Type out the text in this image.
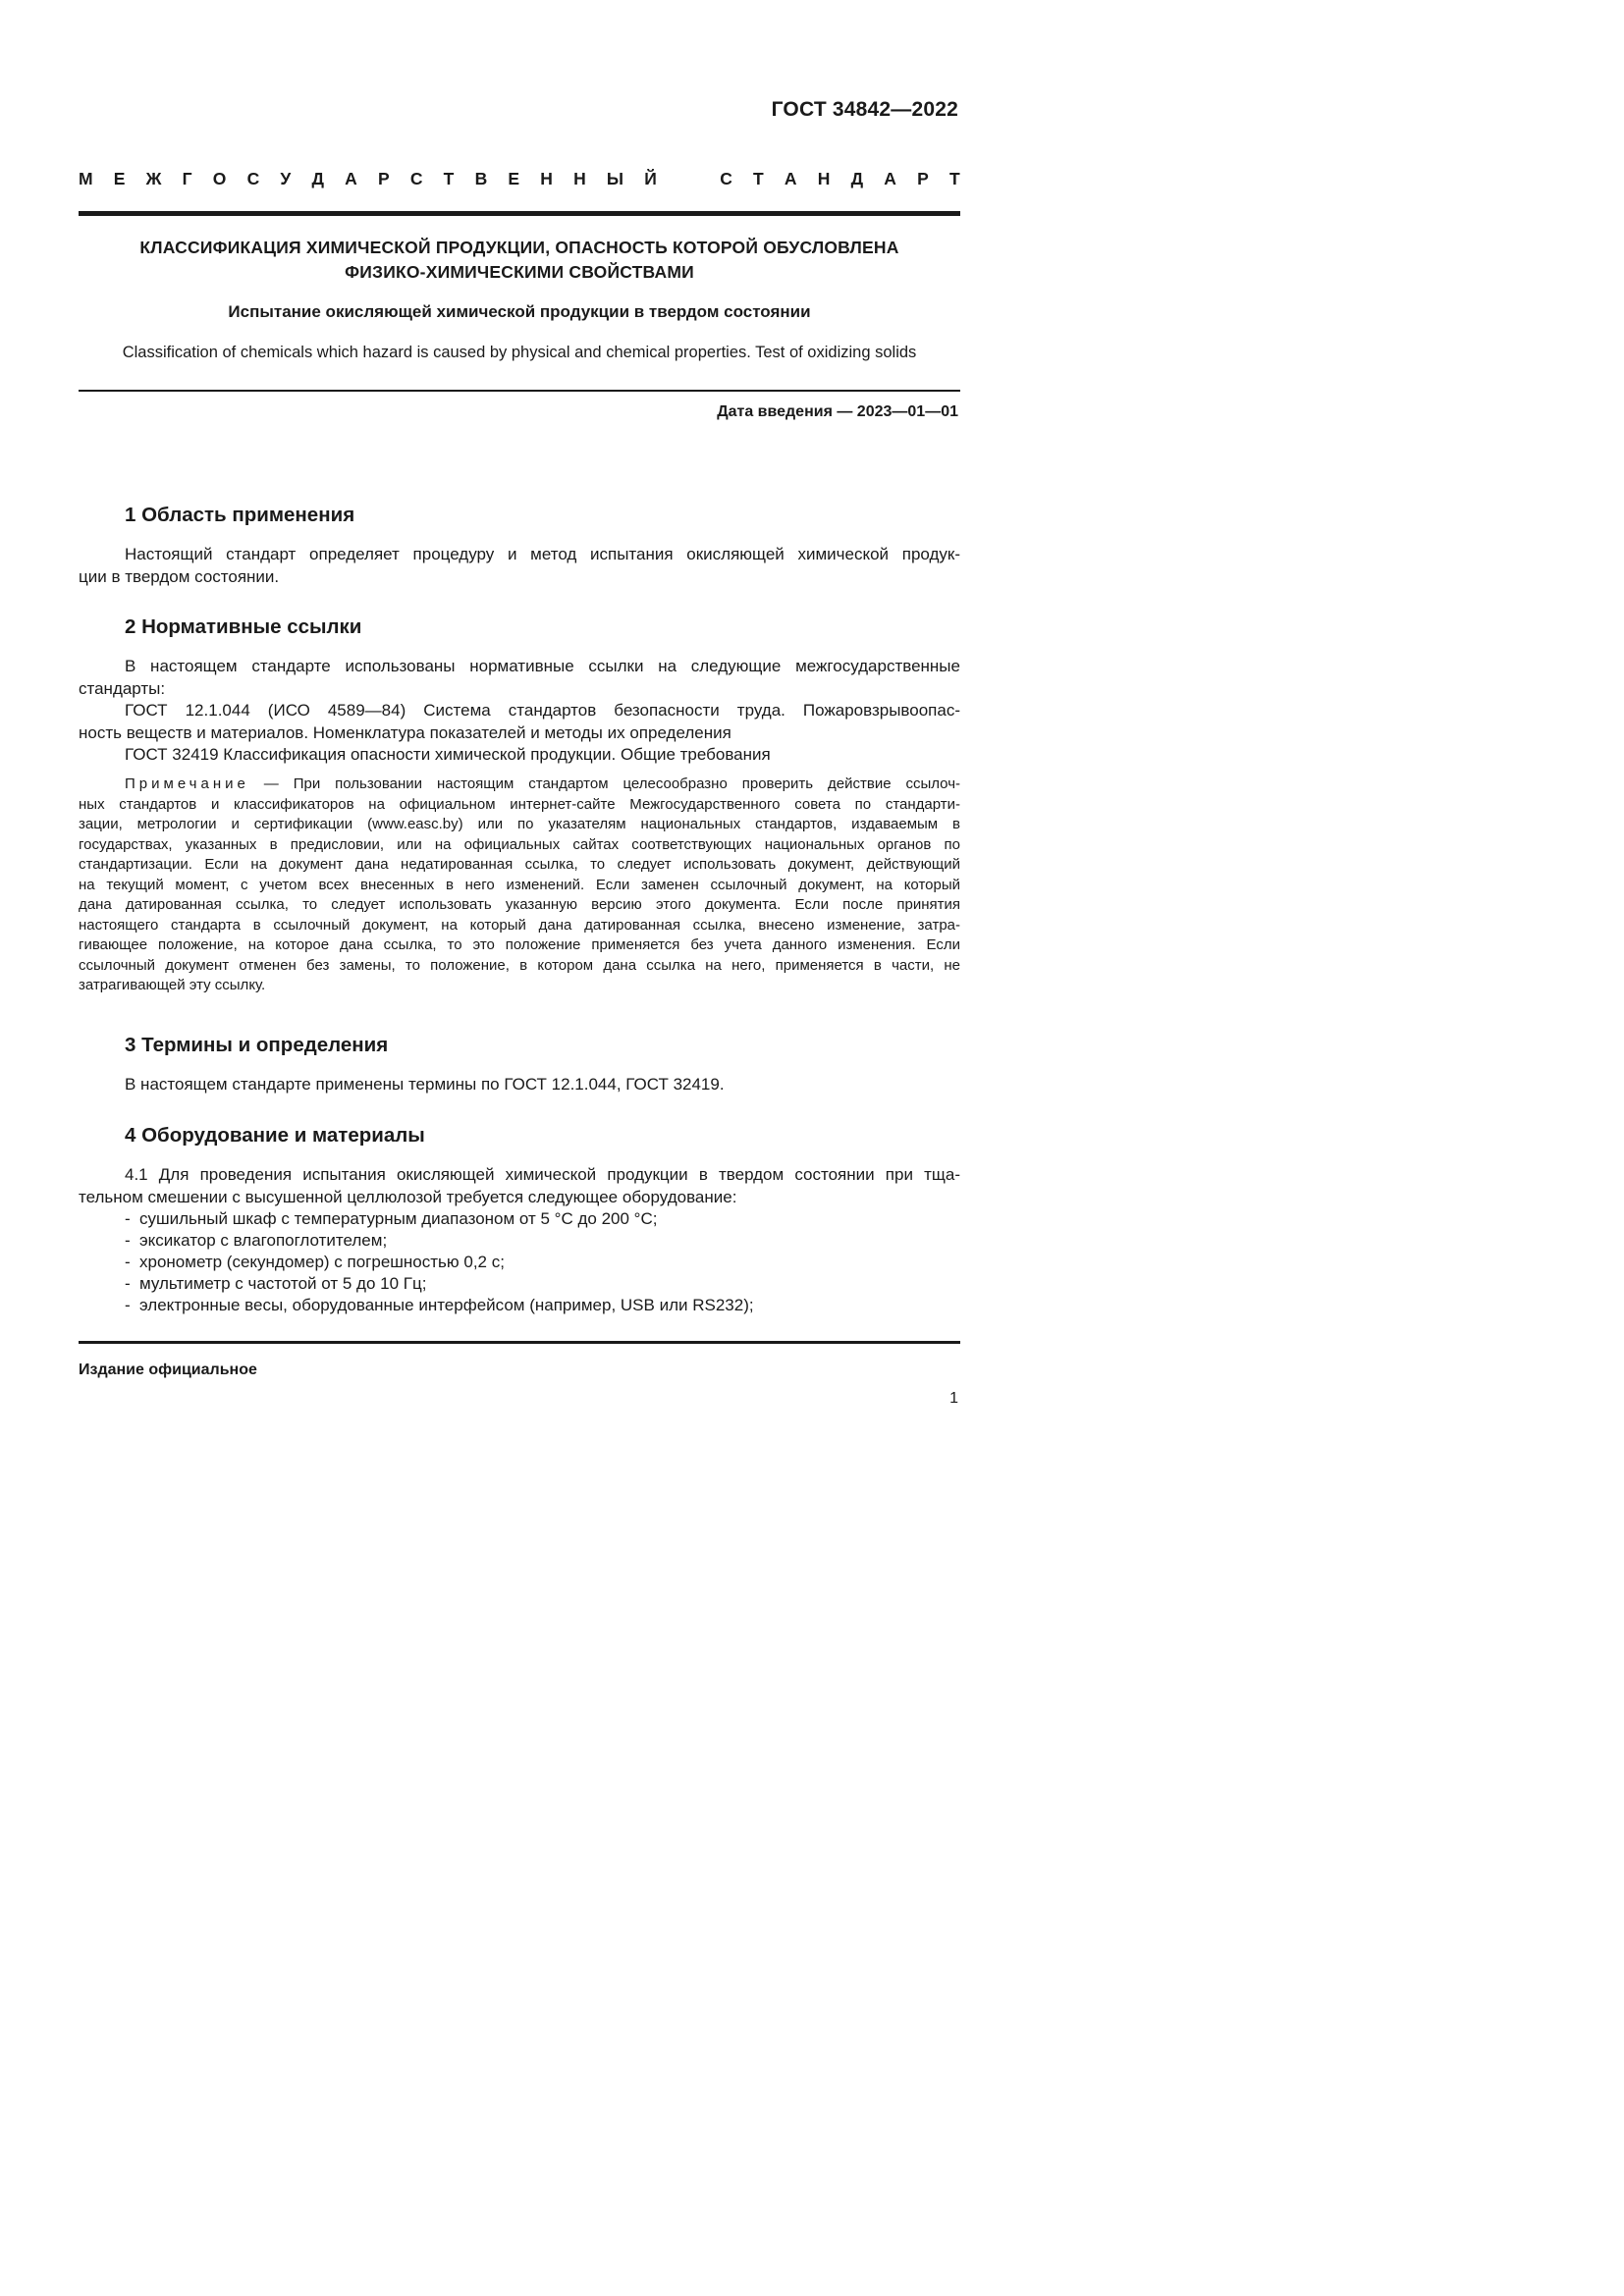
ГОСТ 34842—2022
М Е Ж Г О С У Д А Р С Т В Е Н Н Ы Й	С Т А Н Д А Р Т
КЛАССИФИКАЦИЯ ХИМИЧЕСКОЙ ПРОДУКЦИИ, ОПАСНОСТЬ КОТОРОЙ ОБУСЛОВЛЕНА
ФИЗИКО-ХИМИЧЕСКИМИ СВОЙСТВАМИ
Испытание окисляющей химической продукции в твердом состоянии
Classification of chemicals which hazard is caused by physical and chemical properties. Test of oxidizing solids
Дата введения — 2023—01—01
1 Область применения

Настоящий стандарт определяет процедуру и метод испытания окисляющей химической продук-
ции в твердом состоянии.

2 Нормативные ссылки

В настоящем стандарте использованы нормативные ссылки на следующие межгосударственные
стандарты:
ГОСТ 12.1.044 (ИСО 4589—84) Система стандартов безопасности труда. Пожаровзрывоопас-
ность веществ и материалов. Номенклатура показателей и методы их определения
ГОСТ 32419 Классификация опасности химической продукции. Общие требования

Примечание — При пользовании настоящим стандартом целесообразно проверить действие ссылоч-
ных стандартов и классификаторов на официальном интернет-сайте Межгосударственного совета по стандарти-
зации, метрологии и сертификации (www.easc.by) или по указателям национальных стандартов, издаваемым в
государствах, указанных в предисловии, или на официальных сайтах соответствующих национальных органов по
стандартизации. Если на документ дана недатированная ссылка, то следует использовать документ, действующий
на текущий момент, с учетом всех внесенных в него изменений. Если заменен ссылочный документ, на который
дана датированная ссылка, то следует использовать указанную версию этого документа. Если после принятия
настоящего стандарта в ссылочный документ, на который дана датированная ссылка, внесено изменение, затра-
гивающее положение, на которое дана ссылка, то это положение применяется без учета данного изменения. Если
ссылочный документ отменен без замены, то положение, в котором дана ссылка на него, применяется в части, не
затрагивающей эту ссылку.

3 Термины и определения

В настоящем стандарте применены термины по ГОСТ 12.1.044, ГОСТ 32419.

4 Оборудование и материалы

4.1 Для проведения испытания окисляющей химической продукции в твердом состоянии при тща-
тельном смешении с высушенной целлюлозой требуется следующее оборудование:

- сушильный шкаф с температурным диапазоном от 5 °С до 200 °С;
- эксикатор с влагопоглотителем;
- хронометр (секундомер) с погрешностью 0,2 с;
- мультиметр с частотой от 5 до 10 Гц;
- электронные весы, оборудованные интерфейсом (например, USB или RS232);
Издание официальное
1
